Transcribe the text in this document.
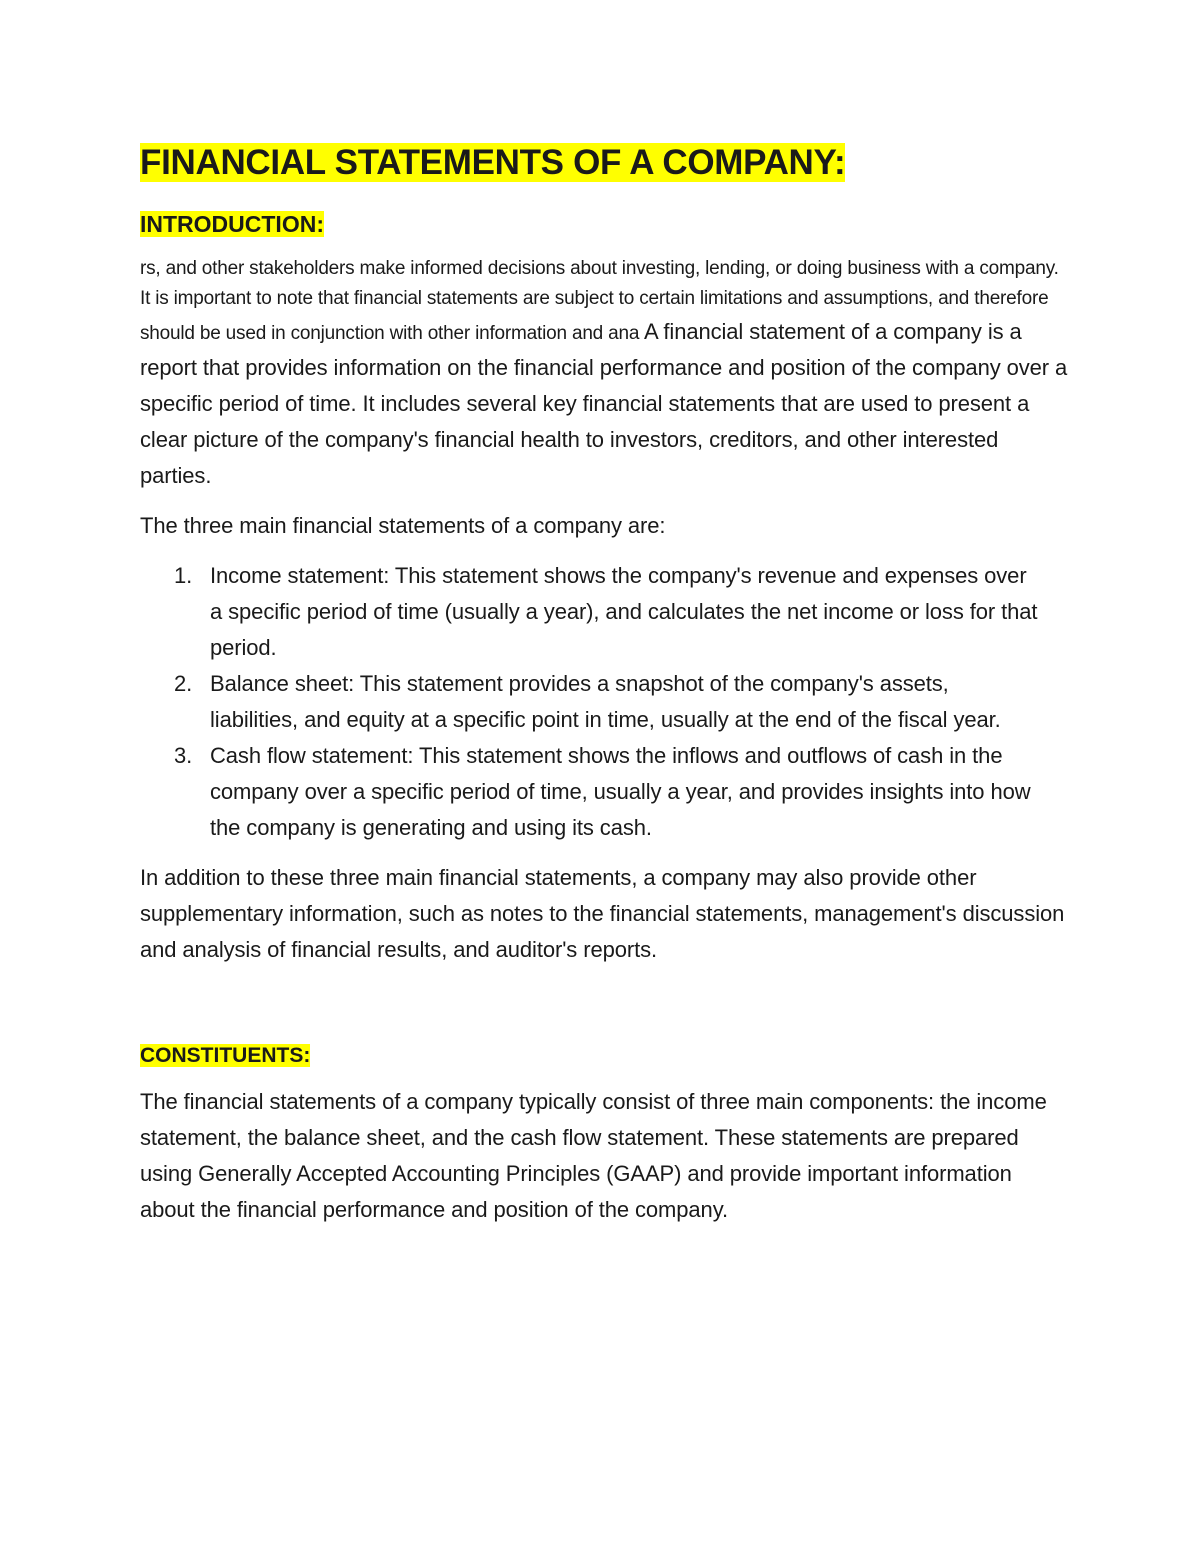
FINANCIAL STATEMENTS OF A COMPANY:
INTRODUCTION:

rs, and other stakeholders make informed decisions about investing, lending, or doing business with a company. It is important to note that financial statements are subject to certain limitations and assumptions, and therefore should be used in conjunction with other information and ana A financial statement of a company is a report that provides information on the financial performance and position of the company over a specific period of time. It includes several key financial statements that are used to present a clear picture of the company's financial health to investors, creditors, and other interested parties.

The three main financial statements of a company are:

1. Income statement: This statement shows the company's revenue and expenses over a specific period of time (usually a year), and calculates the net income or loss for that period.
2. Balance sheet: This statement provides a snapshot of the company's assets, liabilities, and equity at a specific point in time, usually at the end of the fiscal year.
3. Cash flow statement: This statement shows the inflows and outflows of cash in the company over a specific period of time, usually a year, and provides insights into how the company is generating and using its cash.

In addition to these three main financial statements, a company may also provide other supplementary information, such as notes to the financial statements, management's discussion and analysis of financial results, and auditor's reports.

CONSTITUENTS:

The financial statements of a company typically consist of three main components: the income statement, the balance sheet, and the cash flow statement. These statements are prepared using Generally Accepted Accounting Principles (GAAP) and provide important information about the financial performance and position of the company.
